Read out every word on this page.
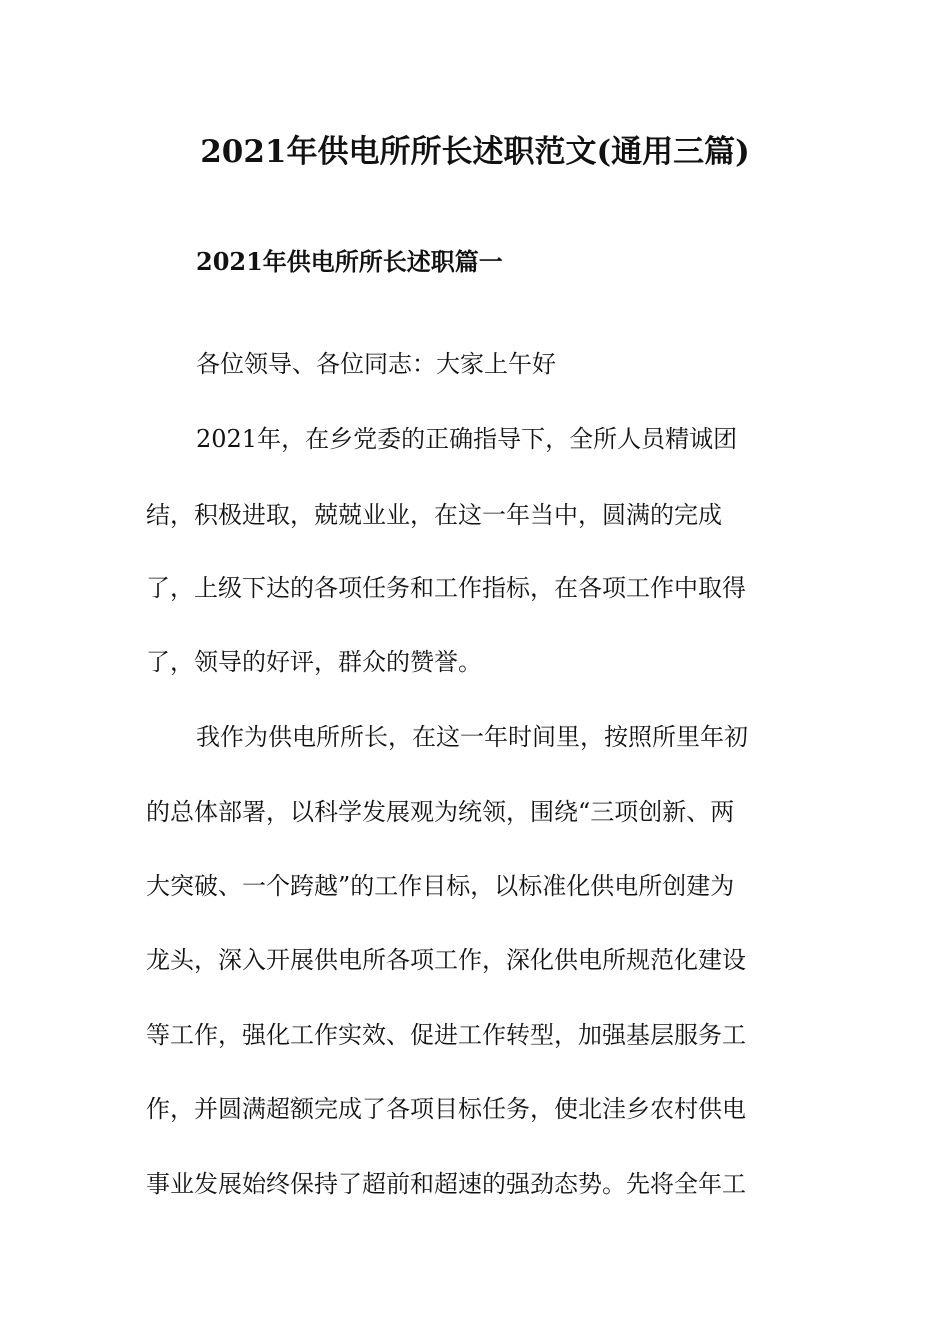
2021年供电所所长述职范文(通用三篇)
2021年供电所所长述职篇一
各位领导、各位同志：大家上午好
2021年，在乡党委的正确指导下，全所人员精诚团
结，积极进取，兢兢业业，在这一年当中，圆满的完成
了，上级下达的各项任务和工作指标，在各项工作中取得
了，领导的好评，群众的赞誉。
我作为供电所所长，在这一年时间里，按照所里年初
的总体部署，以科学发展观为统领，围绕“三项创新、两
大突破、一个跨越”的工作目标，以标准化供电所创建为
龙头，深入开展供电所各项工作，深化供电所规范化建设
等工作，强化工作实效、促进工作转型，加强基层服务工
作，并圆满超额完成了各项目标任务，使北洼乡农村供电
事业发展始终保持了超前和超速的强劲态势。先将全年工
